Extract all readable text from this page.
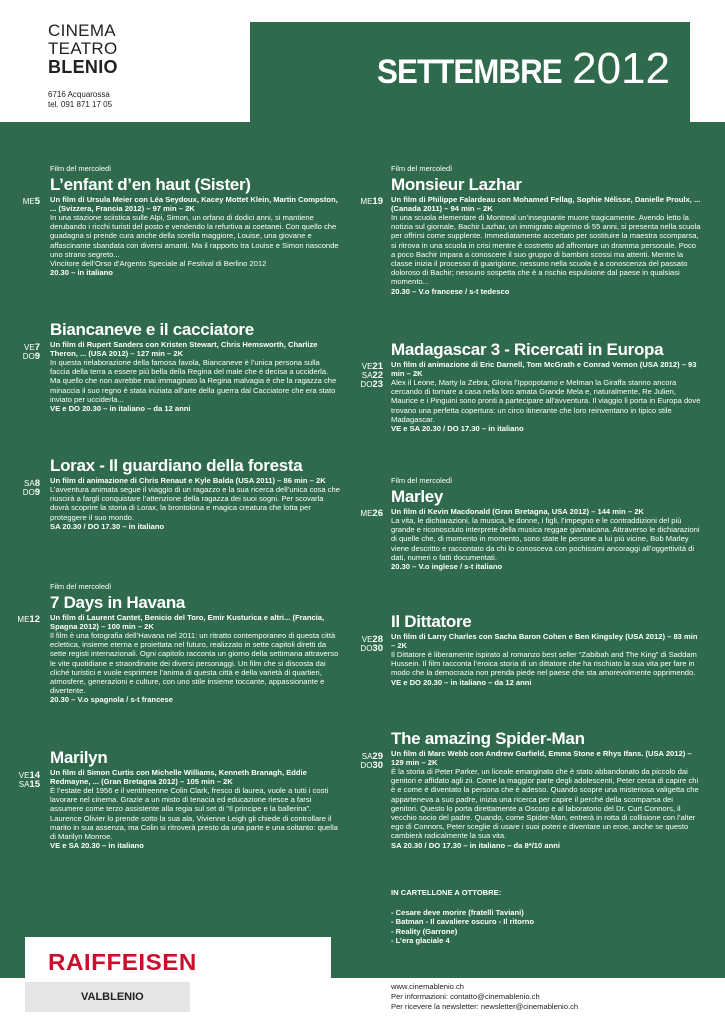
CINEMA
TEATRO
BLENIO
6716 Acquarossa
tel. 091 871 17 05
SETTEMBRE 2012
ME5
Film del mercoledì
L’enfant d’en haut (Sister)
Un film di Ursula Meier con Léa Seydoux, Kacey Mottet Klein, Martin Compston, ... (Svizzera, Francia 2012) – 97 min – 2K
In una stazione sciistica sulle Alpi, Simon, un orfano di dodici anni, si mantiene derubando i ricchi turisti del posto e vendendo la refurtiva ai coetanei. Con quello che guadagna si prende cura anche della sorella maggiore, Louise, una giovane e affascinante sbandata con diversi amanti. Ma il rapporto tra Louise e Simon nasconde uno strano segreto...
Vincitore dell’Orso d’Argento Speciale al Festival di Berlino 2012
20.30 – in italiano
VE7
DO9
Biancaneve e il cacciatore
Un film di Rupert Sanders con Kristen Stewart, Chris Hemsworth, Charlize Theron, ... (USA 2012) – 127 min – 2K
In questa rielaborazione della famosa favola, Biancaneve è l’unica persona sulla faccia della terra a essere più bella della Regina del male che è decisa a ucciderla. Ma quello che non avrebbe mai immaginato la Regina malvagia è che la ragazza che minaccia il suo regno è stata iniziata all’arte della guerra dal Cacciatore che era stato inviato per ucciderla...
VE e DO 20.30 – in italiano – da 12 anni
SA8
DO9
Lorax - Il guardiano della foresta
Un film di animazione di Chris Renaut e Kyle Balda (USA 2011) – 86 min – 2K
L’avventura animata segue il viaggio di un ragazzo e la sua ricerca dell’unica cosa che riuscirà a fargli conquistare l’attenzione della ragazza dei suoi sogni. Per scovarla dovrà scoprire la storia di Lorax, la brontolona e magica creatura che lotta per proteggere il suo mondo.
SA 20.30 / DO 17.30 – in italiano
ME12
Film del mercoledì
7 Days in Havana
Un film di Laurent Cantet, Benicio del Toro, Emir Kusturica e altri... (Francia, Spagna 2012) – 100 min – 2K
Il film è una fotografia dell’Havana nel 2011: un ritratto contemporaneo di questa città eclettica, insieme eterna e proiettata nel futuro, realizzato in sette capitoli diretti da sette registi internazionali. Ogni capitolo racconta un giorno della settimana attraverso le vite quotidiane e straordinarie dei diversi personaggi. Un film che si discosta dai cliché turistici e vuole esprimere l’anima di questa città e della varietà di quartieri, atmosfere, generazioni e culture, con uno stile insieme toccante, appassionante e divertente.
20.30 – V.o spagnola / s-t francese
VE14
SA15
Marilyn
Un film di Simon Curtis con Michelle Williams, Kenneth Branagh, Eddie Redmayne, ... (Gran Bretagna 2012) – 105 min – 2K
È l’estate del 1956 e il ventitreenne Colin Clark, fresco di laurea, vuole a tutti i costi lavorare nel cinema. Grazie a un misto di tenacia ed educazione riesce a farsi assumere come terzo assistente alla regia sul set di “Il principe e la ballerina”. Laurence Olivier lo prende sotto la sua ala, Vivienne Leigh gli chiede di controllare il marito in sua assenza, ma Colin si ritroverà presto da una parte e una soltanto: quella di Marilyn Monroe.
VE e SA 20.30 – in italiano
ME19
Film del mercoledì
Monsieur Lazhar
Un film di Philippe Falardeau con Mohamed Fellag, Sophie Nélisse, Danielle Proulx, ... (Canada 2011) – 94 min – 2K
In una scuola elementare di Montreal un’insegnante muore tragicamente. Avendo letto la notizia sul giornale, Bachir Lazhar, un immigrato algerino di 55 anni, si presenta nella scuola per offrirsi come supplente. Immediatamente accettato per sostituire la maestra scomparsa, si ritrova in una scuola in crisi mentre è costretto ad affrontare un dramma personale. Poco a poco Bachir impara a conoscere il suo gruppo di bambini scossi ma attenti. Mentre la classe inizia il processo di guarigione, nessuno nella scuola è a conoscenza del passato doloroso di Bachir; nessuno sospetta che è a rischio espulsione dal paese in qualsiasi momento...
20.30 – V.o francese / s-t tedesco
VE21
SA22
DO23
Madagascar 3 - Ricercati in Europa
Un film di animazione di Eric Darnell, Tom McGrath e Conrad Vernon (USA 2012) – 93 min – 2K
Alex il Leone, Marty la Zebra, Gloria l’Ippopotamo e Melman la Giraffa stanno ancora cercando di tornare a casa nella loro amata Grande Mela e, naturalmente, Re Julien, Maurice e i Pinguini sono pronti a partecipare all’avventura. Il viaggio li porta in Europa dove trovano una perfetta copertura: un circo itinerante che loro reinventano in tipico stile Madagascar.
VE e SA 20.30 / DO 17.30 – in italiano
ME26
Film del mercoledì
Marley
Un film di Kevin Macdonald (Gran Bretagna, USA 2012) – 144 min – 2K
La vita, le dichiarazioni, la musica, le donne, i figli, l’impegno e le contraddizioni del più grande e riconosciuto interprete della musica reggae giamaicana. Attraverso le dichiarazioni di quelle che, di momento in momento, sono state le persone a lui più vicine, Bob Marley viene descritto e raccontato da chi lo conosceva con pochissimi ancoraggi all’oggettività di dati, numeri o fatti documentati.
20.30 – V.o inglese / s-t italiano
VE28
DO30
Il Dittatore
Un film di Larry Charles con Sacha Baron Cohen e Ben Kingsley (USA 2012) – 83 min – 2K
Il Dittatore è liberamente ispirato al romanzo best seller “Zabibah and The King” di Saddam Hussein. Il film racconta l’eroica storia di un dittatore che ha rischiato la sua vita per fare in modo che la democrazia non prenda piede nel paese che sta amorevolmente opprimendo.
VE e DO 20.30 – in italiano – da 12 anni
SA29
DO30
The amazing Spider-Man
Un film di Marc Webb con Andrew Garfield, Emma Stone e Rhys Ifans. (USA 2012) – 129 min – 2K
È la storia di Peter Parker, un liceale emarginato che è stato abbandonato da piccolo dai genitori e affidato agli zii. Come la maggior parte degli adolescenti, Peter cerca di capire chi è e come è diventato la persona che è adesso. Quando scopre una misteriosa valigetta che apparteneva a suo padre, inizia una ricerca per capire il perché della scomparsa dei genitori. Questo lo porta direttamente a Oscorp e al laboratorio del Dr. Curt Connors, il vecchio socio del padre. Quando, come Spider-Man, entrerà in rotta di collisione con l’alter ego di Connors, Peter sceglie di usare i suoi poteri e diventare un eroe, anche se questo cambierà radicalmente la sua vita.
SA 20.30 / DO 17.30 – in italiano – da 8*/10 anni
IN CARTELLONE A OTTOBRE:
- Cesare deve morire (fratelli Taviani)
- Batman - Il cavaliere oscuro - Il ritorno
- Reality (Garrone)
- L’era glaciale 4
RAIFFEISEN
VALBLENIO
www.cinemablenio.ch
Per informazioni: contatto@cinemablenio.ch
Per ricevere la newsletter: newsletter@cinemablenio.ch
